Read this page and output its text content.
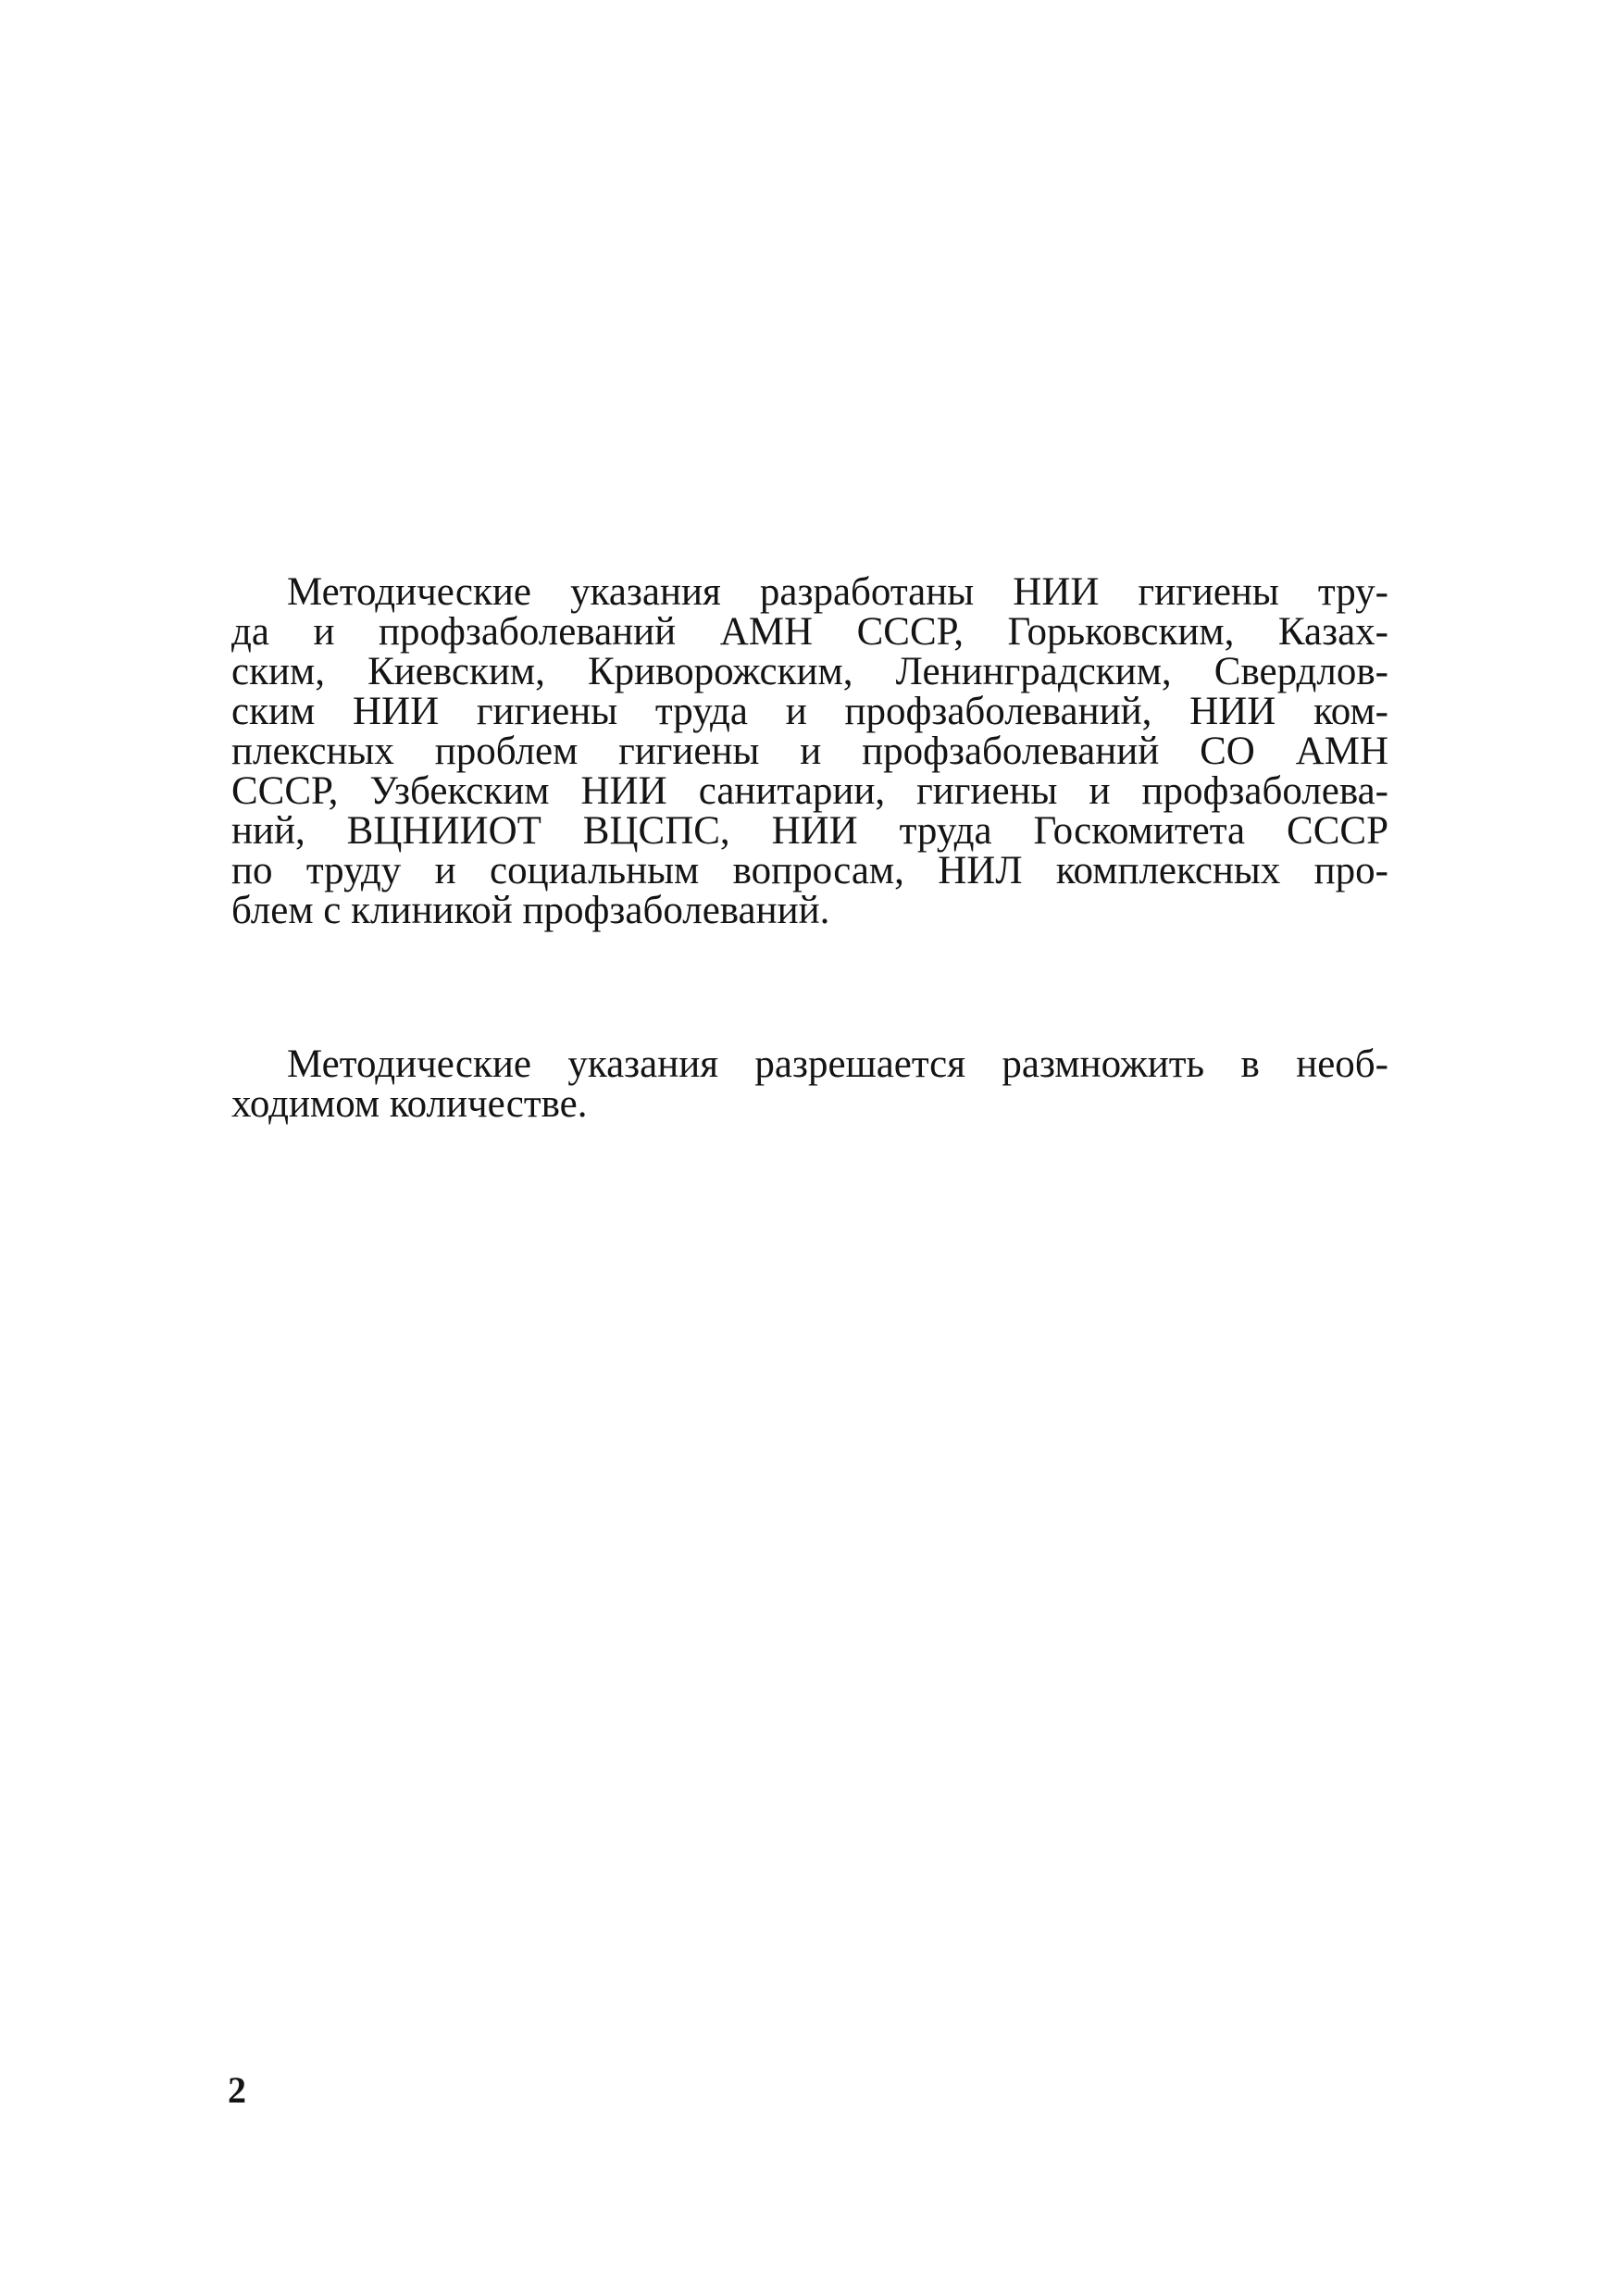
Методические указания разработаны НИИ гигиены тру-
да и профзаболеваний АМН СССР, Горьковским, Казах-
ским, Киевским, Криворожским, Ленинградским, Свердлов-
ским НИИ гигиены труда и профзаболеваний, НИИ ком-
плексных проблем гигиены и профзаболеваний СО АМН
СССР, Узбекским НИИ санитарии, гигиены и профзаболева-
ний, ВЦНИИОТ ВЦСПС, НИИ труда Госкомитета СССР
по труду и социальным вопросам, НИЛ комплексных про-
блем с клиникой профзаболеваний.
Методические указания разрешается размножить в необ-
ходимом количестве.
2
